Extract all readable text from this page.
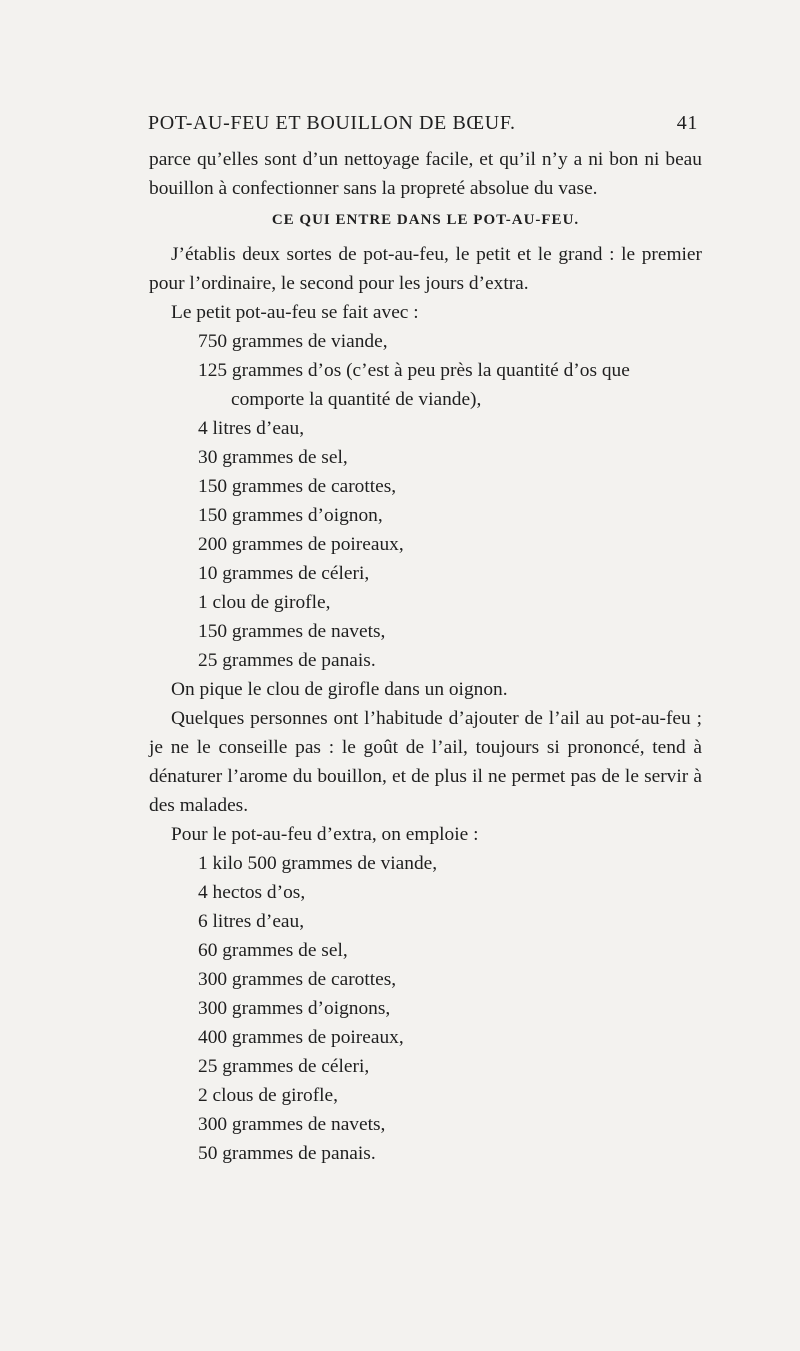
POT-AU-FEU ET BOUILLON DE BŒUF.	41

parce qu’elles sont d’un nettoyage facile, et qu’il n’y a ni bon ni beau bouillon à confectionner sans la propreté absolue du vase.

CE QUI ENTRE DANS LE POT-AU-FEU.

J’établis deux sortes de pot-au-feu, le petit et le grand : le premier pour l’ordinaire, le second pour les jours d’extra.

Le petit pot-au-feu se fait avec :

750 grammes de viande,
125 grammes d’os (c’est à peu près la quantité d’os que comporte la quantité de viande),
4 litres d’eau,
30 grammes de sel,
150 grammes de carottes,
150 grammes d’oignon,
200 grammes de poireaux,
10 grammes de céleri,
1 clou de girofle,
150 grammes de navets,
25 grammes de panais.

On pique le clou de girofle dans un oignon.

Quelques personnes ont l’habitude d’ajouter de l’ail au pot-au-feu ; je ne le conseille pas : le goût de l’ail, toujours si prononcé, tend à dénaturer l’arome du bouillon, et de plus il ne permet pas de le servir à des malades.

Pour le pot-au-feu d’extra, on emploie :

1 kilo 500 grammes de viande,
4 hectos d’os,
6 litres d’eau,
60 grammes de sel,
300 grammes de carottes,
300 grammes d’oignons,
400 grammes de poireaux,
25 grammes de céleri,
2 clous de girofle,
300 grammes de navets,
50 grammes de panais.
